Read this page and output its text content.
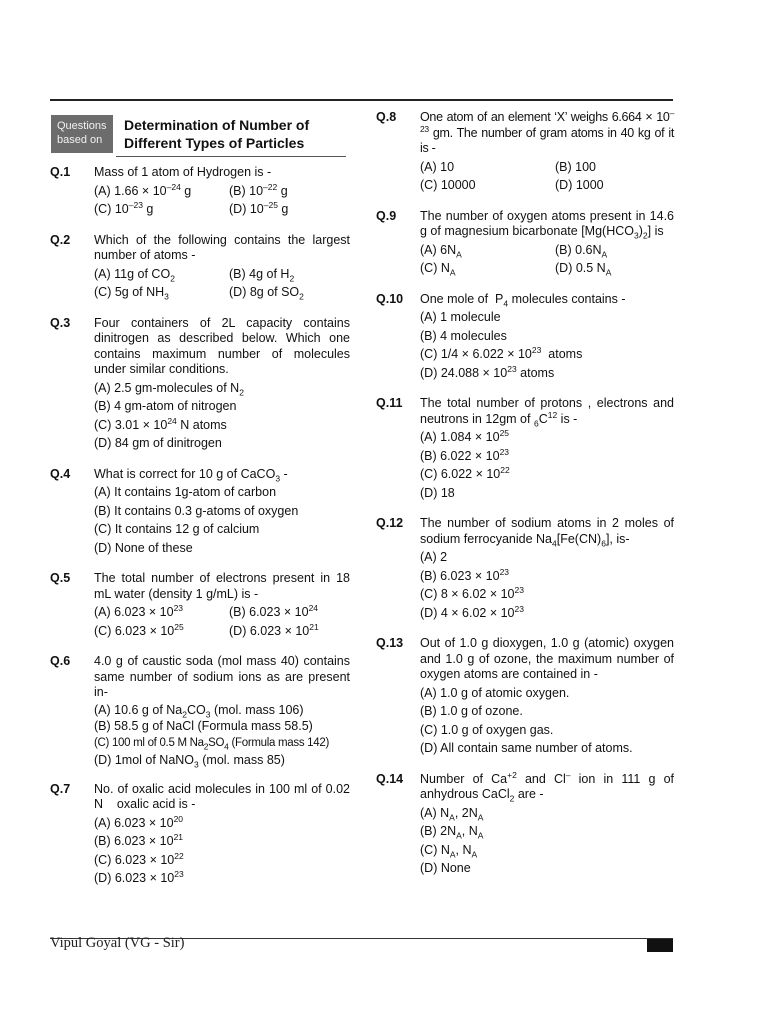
Questions
based on
Determination of Number of
Different Types of Particles
Q.1	Mass of 1 atom of Hydrogen is -
(A) $1.66 \times 10^{-24}$ g	(B) $10^{-22}$ g
(C) $10^{-23}$ g	(D) $10^{-25}$ g
Q.2	Which of the following contains the largest number of atoms -
(A) 11g of $CO_2$	(B) 4g of $H_2$
(C) 5g of $NH_3$	(D) 8g of $SO_2$
Q.3	Four containers of 2L capacity contains dinitrogen as described below. Which one contains maximum number of molecules under similar conditions.
(A) 2.5 gm-molecules of $N_2$
(B) 4 gm-atom of nitrogen
(C) $3.01 \times 10^{24}$ N atoms
(D) 84 gm of dinitrogen
Q.4	What is correct for 10 g of CaCO$_3$ -
(A) It contains 1g-atom of carbon
(B) It contains 0.3 g-atoms of oxygen
(C) It contains 12 g of calcium
(D) None of these
Q.5	The total number of electrons present in 18 mL water (density 1 g/mL) is -
(A) $6.023 \times 10^{23}$	(B) $6.023 \times 10^{24}$
(C) $6.023 \times 10^{25}$	(D) $6.023 \times 10^{21}$
Q.6	4.0 g of caustic soda (mol mass 40) contains same number of sodium ions as are present in-
(A) 10.6 g of $Na_2CO_3$ (mol. mass 106)
(B) 58.5 g of NaCl (Formula mass 58.5)
(C) 100 ml of 0.5 M $Na_2SO_4$ (Formula mass 142)
(D) 1mol of NaNO$_3$ (mol. mass 85)
Q.7	No. of oxalic acid molecules in 100 ml of 0.02 N    oxalic acid is -
(A) $6.023 \times 10^{20}$
(B) $6.023 \times 10^{21}$
(C) $6.023 \times 10^{22}$
(D) $6.023 \times 10^{23}$
Q.8	One atom of an element ‘X’ weighs $6.664 \times 10^{-23}$ gm. The number of gram atoms in 40 kg of it is -
(A) 10	(B) 100
(C) 10000	(D) 1000
Q.9	The number of oxygen atoms present in 14.6 g of magnesium bicarbonate $[Mg(HCO_3)_2]$ is
(A) $6N_A$	(B) $0.6N_A$
(C) $N_A$	(D) 0.5 $N_A$
Q.10	One mole of  $P_4$ molecules contains -
(A) 1 molecule
(B) 4 molecules
(C) $1/4 \times 6.022 \times 10^{23}$  atoms
(D) $24.088 \times 10^{23}$ atoms
Q.11	The total number of protons , electrons and neutrons in 12gm of $_6C^{12}$ is -
(A) $1.084 \times 10^{25}$
(B) $6.022 \times 10^{23}$
(C) $6.022 \times 10^{22}$
(D) 18
Q.12	The number of sodium atoms in 2 moles of sodium ferrocyanide $Na_4[Fe(CN)_6]$, is-
(A) 2
(B) $6.023 \times 10^{23}$
(C) $8 \times 6.02 \times 10^{23}$
(D) $4 \times 6.02 \times 10^{23}$
Q.13	Out of 1.0 g dioxygen, 1.0 g (atomic) oxygen and 1.0 g of ozone, the maximum number of oxygen atoms are contained in -
(A) 1.0 g of atomic oxygen.
(B) 1.0 g of ozone.
(C) 1.0 g of oxygen gas.
(D) All contain same number of atoms.
Q.14	Number of $Ca^{+2}$ and Cl– ion in 111 g of anhydrous CaCl$_2$ are -
(A) $N_A$, $2N_A$
(B) $2N_A$, $N_A$
(C) $N_A$, $N_A$
(D) None
Vipul Goyal (VG - Sir)
